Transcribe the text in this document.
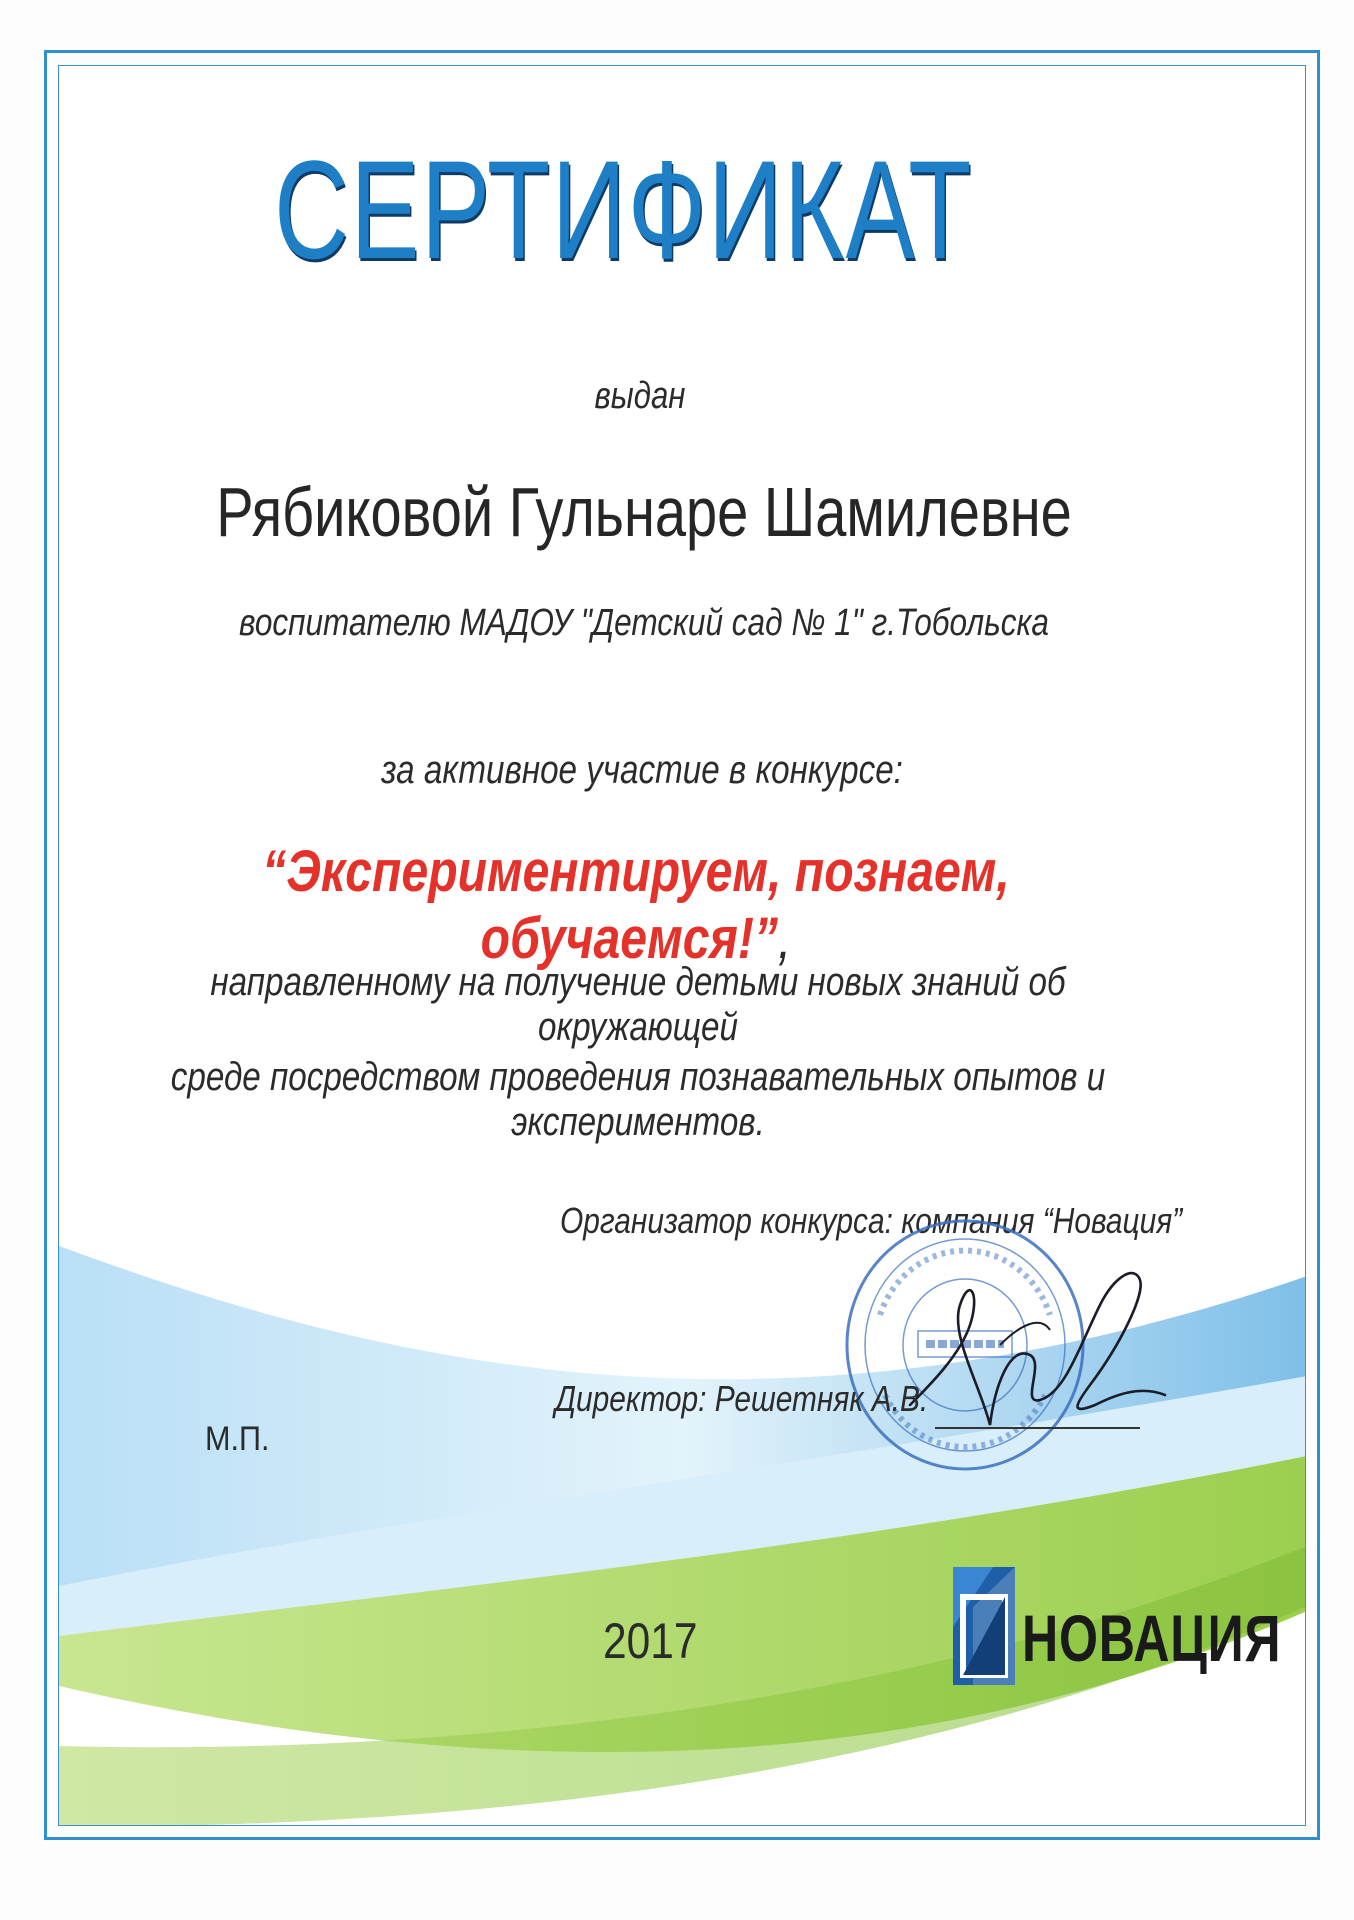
СЕРТИФИКАТ
выдан
Рябиковой Гульнаре Шамилевне
воспитателю МАДОУ "Детский сад № 1" г.Тобольска
за активное участие в конкурсе:
“Экспериментируем, познаем, обучаемся!”,
направленному на получение детьми новых знаний об окружающей
среде посредством проведения познавательных опытов и экспериментов.
Организатор конкурса: компания “Новация”
Директор: Решетняк А.В.
М.П.
2017	НОВАЦИЯ
